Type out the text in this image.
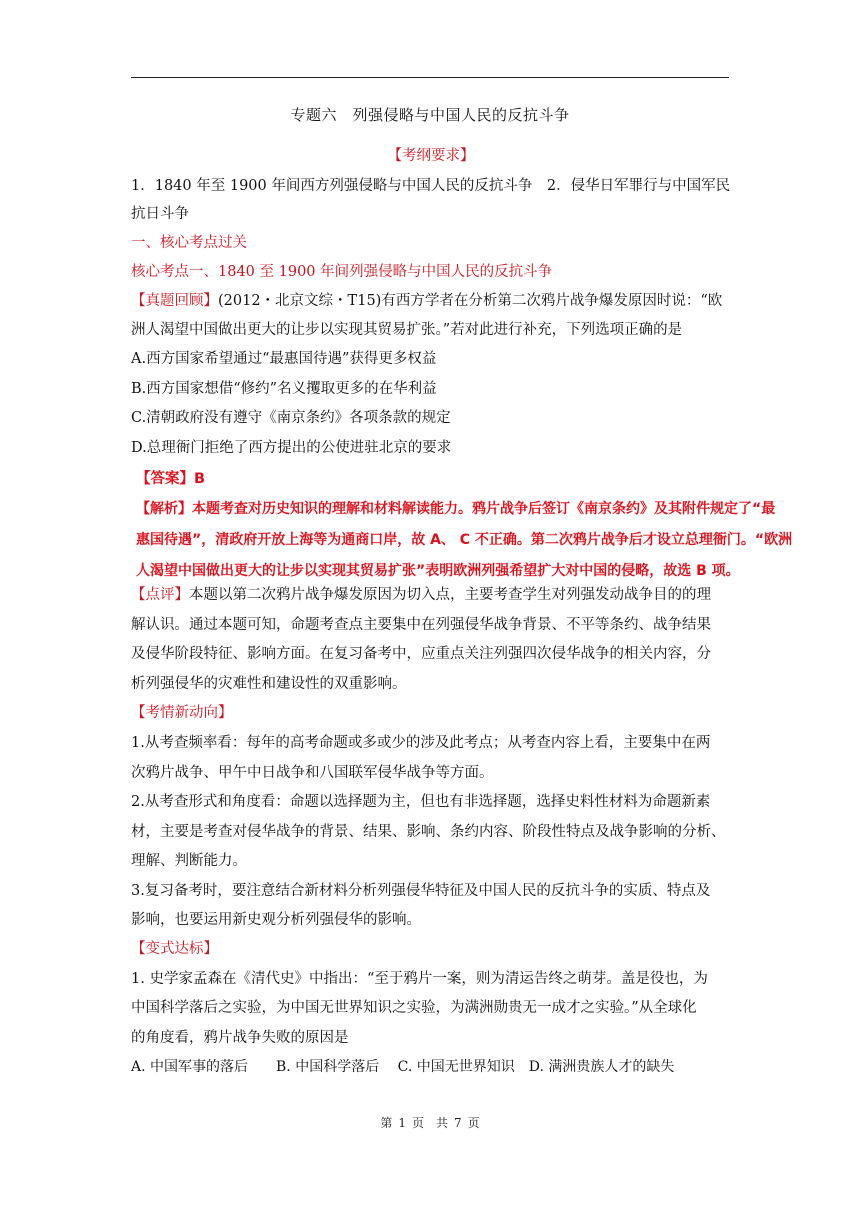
专题六　列强侵略与中国人民的反抗斗争
【考纲要求】
1．1840 年至 1900 年间西方列强侵略与中国人民的反抗斗争　2．侵华日军罪行与中国军民
抗日斗争
一、核心考点过关
核心考点一、1840 至 1900 年间列强侵略与中国人民的反抗斗争
【真题回顾】(2012・北京文综・T15)有西方学者在分析第二次鸦片战争爆发原因时说：“欧
洲人渴望中国做出更大的让步以实现其贸易扩张。”若对此进行补充，下列选项正确的是
A.西方国家希望通过“最惠国待遇”获得更多权益
B.西方国家想借“修约”名义攫取更多的在华利益
C.清朝政府没有遵守《南京条约》各项条款的规定
D.总理衙门拒绝了西方提出的公使进驻北京的要求
【答案】B
【解析】本题考查对历史知识的理解和材料解读能力。鸦片战争后签订《南京条约》及其附件规定了“最
惠国待遇”，清政府开放上海等为通商口岸，故 A、 C 不正确。第二次鸦片战争后才设立总理衙门。“欧洲
人渴望中国做出更大的让步以实现其贸易扩张”表明欧洲列强希望扩大对中国的侵略，故选 B 项。
【点评】本题以第二次鸦片战争爆发原因为切入点，主要考查学生对列强发动战争目的的理
解认识。通过本题可知，命题考查点主要集中在列强侵华战争背景、不平等条约、战争结果
及侵华阶段特征、影响方面。在复习备考中，应重点关注列强四次侵华战争的相关内容，分
析列强侵华的灾难性和建设性的双重影响。
【考情新动向】
1.从考查频率看：每年的高考命题或多或少的涉及此考点；从考查内容上看，主要集中在两
次鸦片战争、甲午中日战争和八国联军侵华战争等方面。
2.从考查形式和角度看：命题以选择题为主，但也有非选择题，选择史料性材料为命题新素
材，主要是考查对侵华战争的背景、结果、影响、条约内容、阶段性特点及战争影响的分析、
理解、判断能力。
3.复习备考时，要注意结合新材料分析列强侵华特征及中国人民的反抗斗争的实质、特点及
影响，也要运用新史观分析列强侵华的影响。
【变式达标】
1. 史学家孟森在《清代史》中指出：“至于鸦片一案，则为清运告终之萌芽。盖是役也，为
中国科学落后之实验，为中国无世界知识之实验，为满洲勋贵无一成才之实验。”从全球化
的角度看，鸦片战争失败的原因是
A. 中国军事的落后　　B. 中国科学落后　 C. 中国无世界知识　D. 满洲贵族人才的缺失
第 1 页　共 7 页
